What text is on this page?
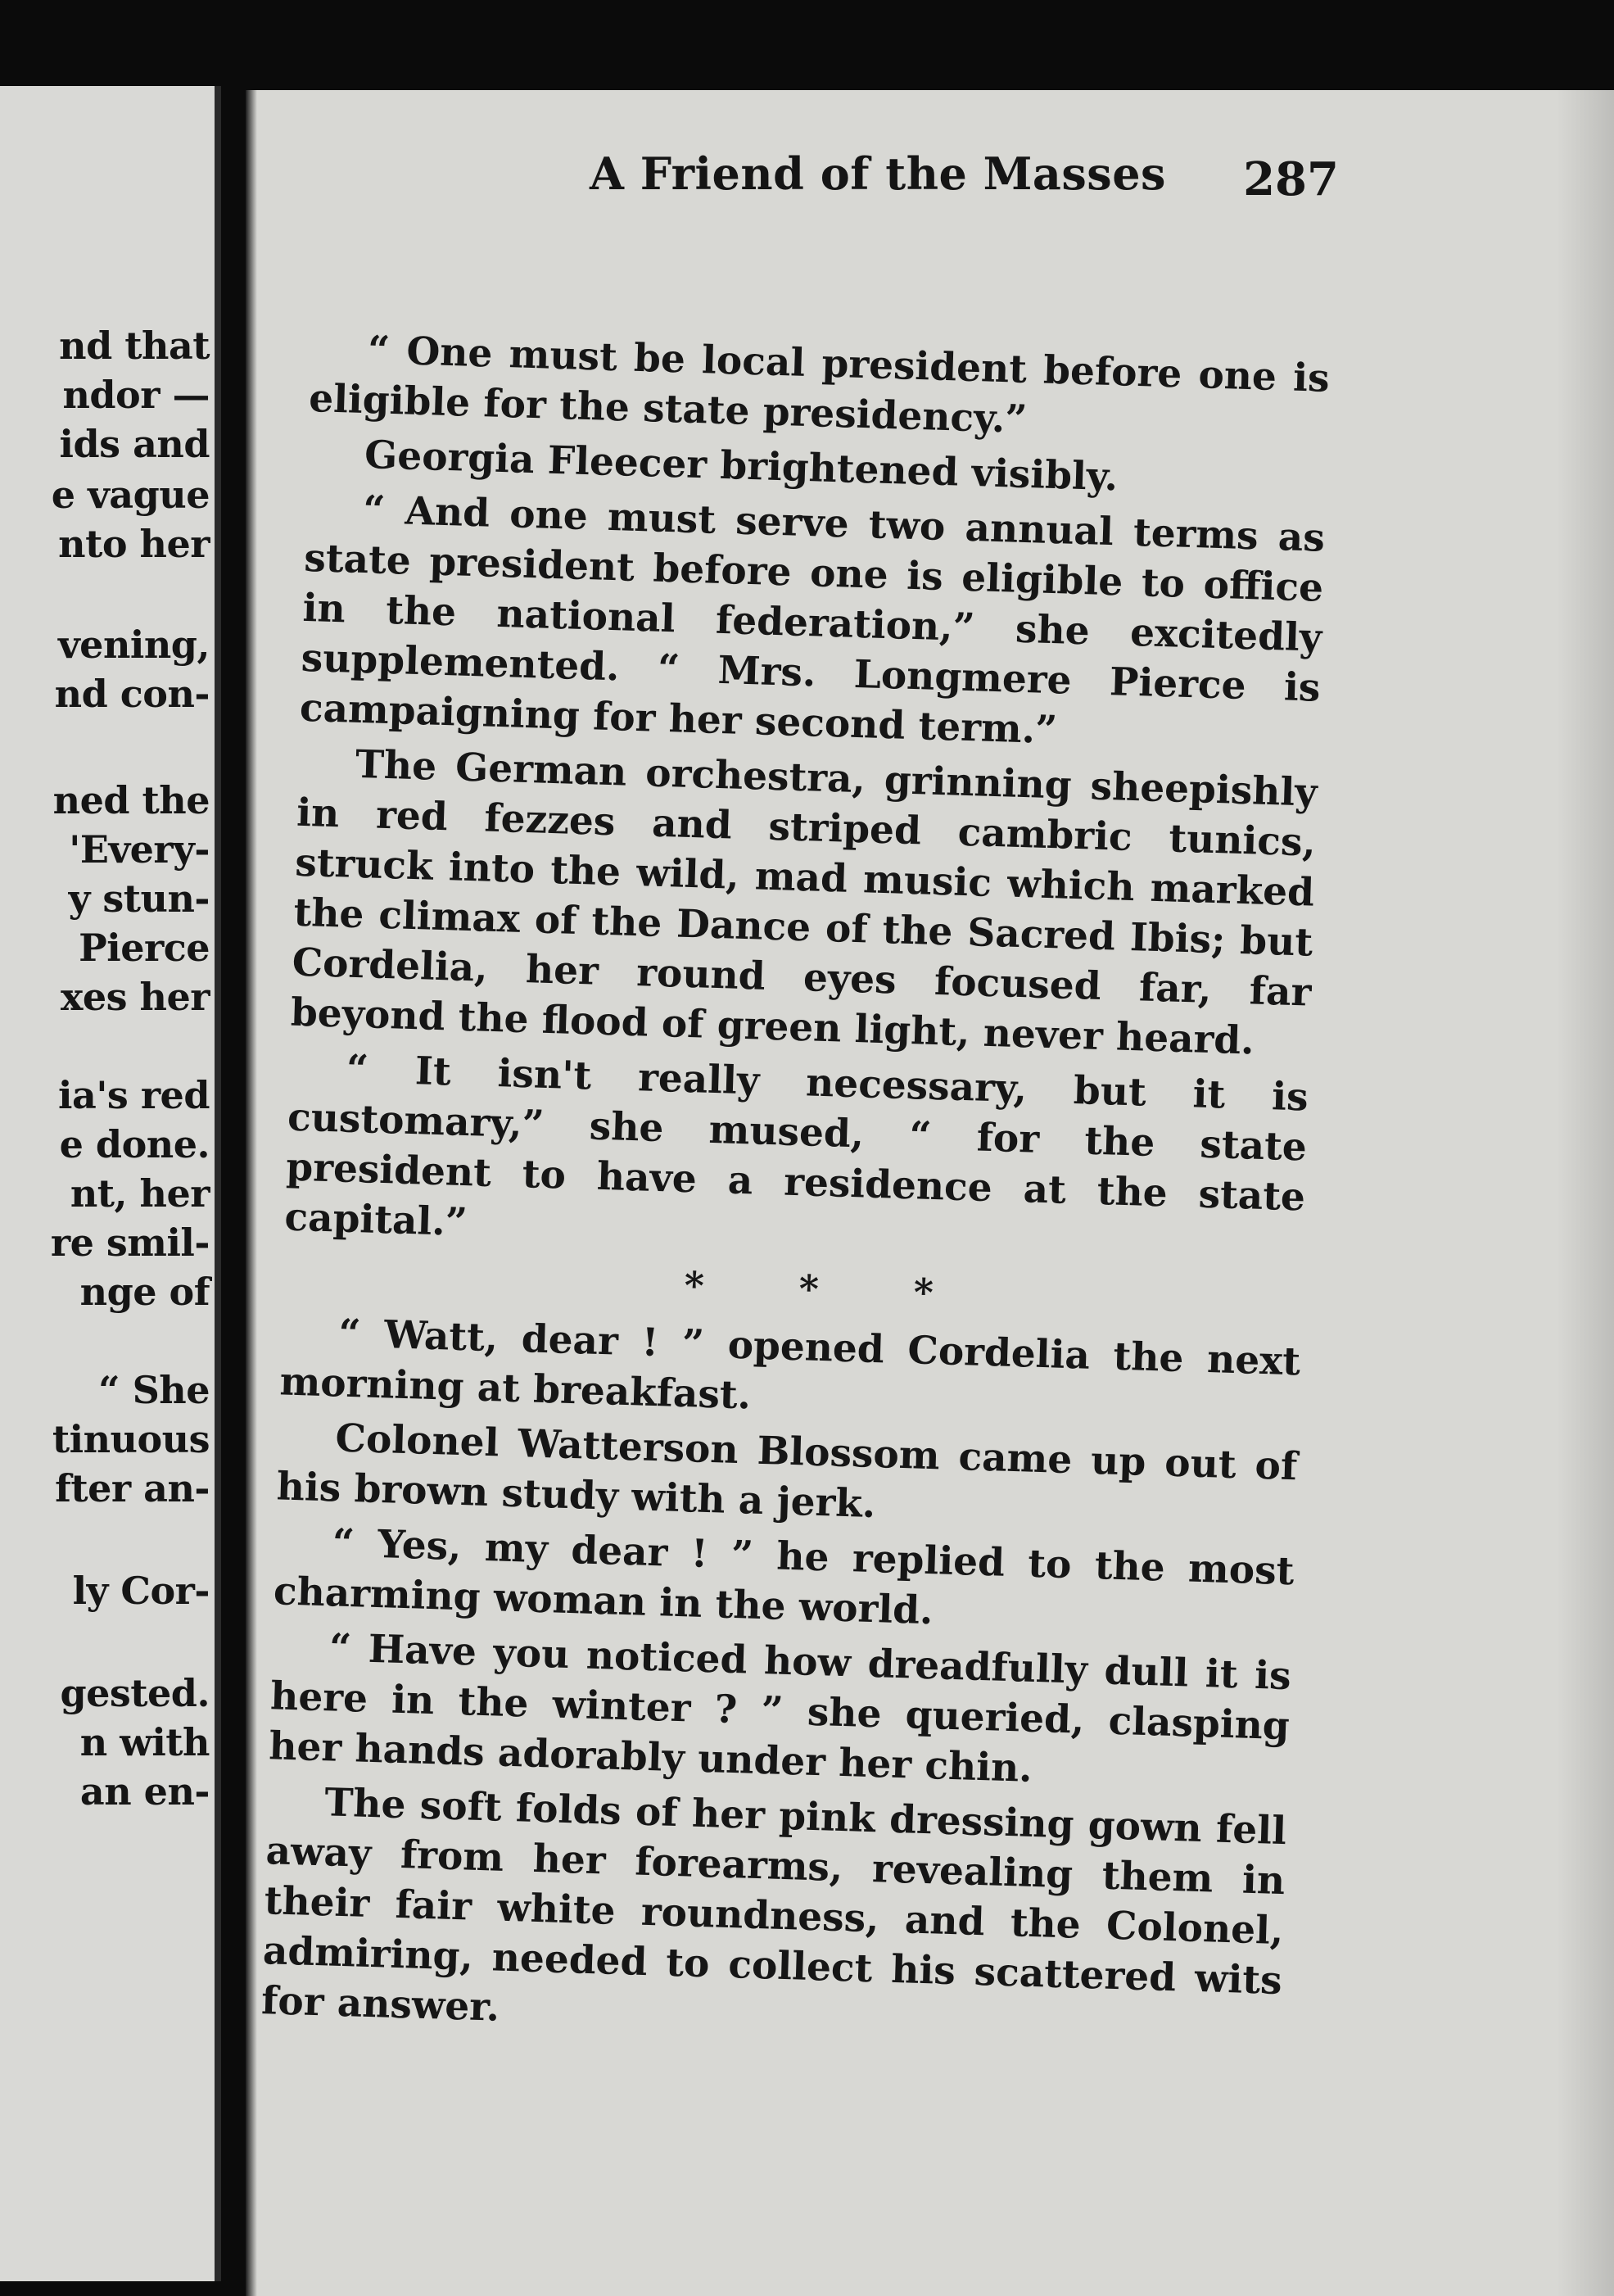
nd that
ndor —
ids and
e vague
nto her
vening,
nd con-
ned the
'Every-
y stun-
Pierce
xes her
ia's red
e done.
nt, her
re smil-
nge of
“ She
tinuous
fter an-
ly Cor-
gested.
n with
an en-
A Friend of the Masses 287

“ One must be local president before one is eligible for the state presidency.”

Georgia Fleecer brightened visibly.

“ And one must serve two annual terms as state president before one is eligible to office in the national federation,” she excitedly supplemented. “ Mrs. Longmere Pierce is campaigning for her second term.”

The German orchestra, grinning sheepishly in red fezzes and striped cambric tunics, struck into the wild, mad music which marked the climax of the Dance of the Sacred Ibis; but Cordelia, her round eyes focused far, far beyond the flood of green light, never heard.

“ It isn't really necessary, but it is customary,” she mused, “ for the state president to have a residence at the state capital.”

* * *

“ Watt, dear ! ” opened Cordelia the next morning at breakfast.

Colonel Watterson Blossom came up out of his brown study with a jerk.

“ Yes, my dear ! ” he replied to the most charming woman in the world.

“ Have you noticed how dreadfully dull it is here in the winter ? ” she queried, clasping her hands adorably under her chin.

The soft folds of her pink dressing gown fell away from her forearms, revealing them in their fair white roundness, and the Colonel, admiring, needed to collect his scattered wits for answer.
